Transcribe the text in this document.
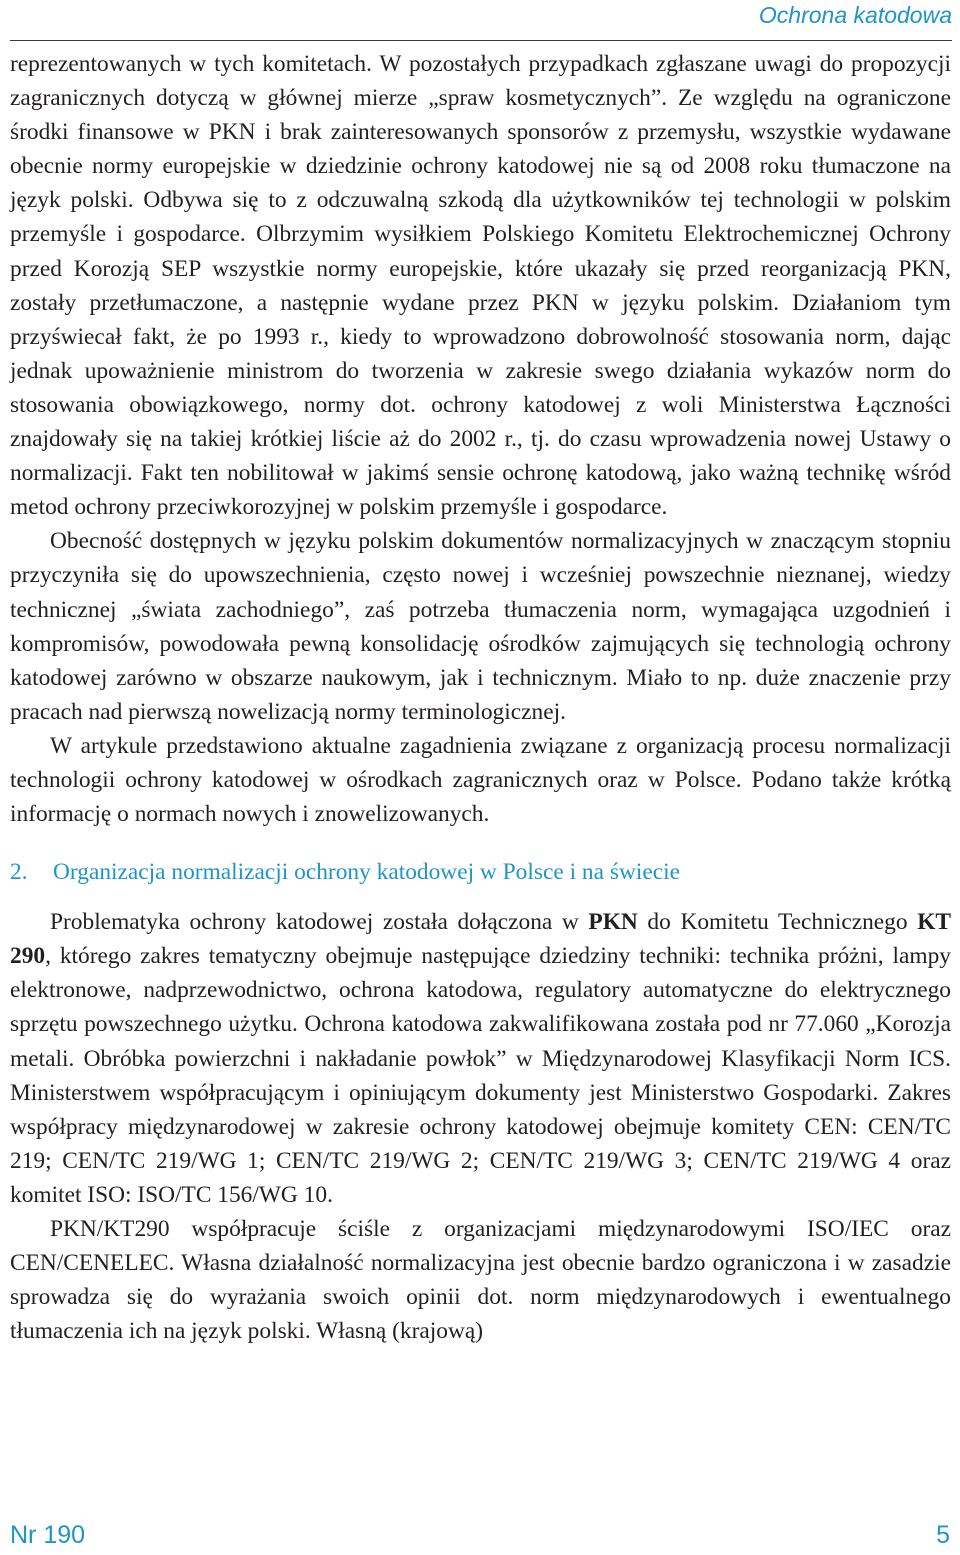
Ochrona katodowa

reprezentowanych w tych komitetach. W pozostałych przypadkach zgłaszane uwagi do propozycji zagranicznych dotyczą w głównej mierze „spraw kosmetycznych”. Ze względu na ograniczone środki finansowe w PKN i brak zainteresowanych sponsorów z przemysłu, wszystkie wydawane obecnie normy europejskie w dziedzinie ochrony katodowej nie są od 2008 roku tłumaczone na język polski. Odbywa się to z odczuwalną szkodą dla użytkowników tej technologii w polskim przemyśle i gospodarce. Olbrzymim wysiłkiem Polskiego Komitetu Elektrochemicznej Ochrony przed Korozją SEP wszystkie normy europejskie, które ukazały się przed reorganizacją PKN, zostały przetłumaczone, a następnie wydane przez PKN w języku polskim. Działaniom tym przyświecał fakt, że po 1993 r., kiedy to wprowadzono dobrowolność stosowania norm, dając jednak upoważnienie ministrom do tworzenia w zakresie swego działania wykazów norm do stosowania obowiązkowego, normy dot. ochrony katodowej z woli Ministerstwa Łączności znajdowały się na takiej krótkiej liście aż do 2002 r., tj. do czasu wprowadzenia nowej Ustawy o normalizacji. Fakt ten nobilitował w jakimś sensie ochronę katodową, jako ważną technikę wśród metod ochrony przeciwkorozyjnej w polskim przemyśle i gospodarce.

Obecność dostępnych w języku polskim dokumentów normalizacyjnych w znaczącym stopniu przyczyniła się do upowszechnienia, często nowej i wcześniej powszechnie nieznanej, wiedzy technicznej „świata zachodniego”, zaś potrzeba tłumaczenia norm, wymagająca uzgodnień i kompromisów, powodowała pewną konsolidację ośrodków zajmujących się technologią ochrony katodowej zarówno w obszarze naukowym, jak i technicznym. Miało to np. duże znaczenie przy pracach nad pierwszą nowelizacją normy terminologicznej.

W artykule przedstawiono aktualne zagadnienia związane z organizacją procesu normalizacji technologii ochrony katodowej w ośrodkach zagranicznych oraz w Polsce. Podano także krótką informację o normach nowych i znowelizowanych.

2. Organizacja normalizacji ochrony katodowej w Polsce i na świecie

Problematyka ochrony katodowej została dołączona w PKN do Komitetu Technicznego KT 290, którego zakres tematyczny obejmuje następujące dziedziny techniki: technika próżni, lampy elektronowe, nadprzewodnictwo, ochrona katodowa, regulatory automatyczne do elektrycznego sprzętu powszechnego użytku. Ochrona katodowa zakwalifikowana została pod nr 77.060 „Korozja metali. Obróbka powierzchni i nakładanie powłok” w Międzynarodowej Klasyfikacji Norm ICS. Ministerstwem współpracującym i opiniującym dokumenty jest Ministerstwo Gospodarki. Zakres współpracy międzynarodowej w zakresie ochrony katodowej obejmuje komitety CEN: CEN/TC 219; CEN/TC 219/WG 1; CEN/TC 219/WG 2; CEN/TC 219/WG 3; CEN/TC 219/WG 4 oraz komitet ISO: ISO/TC 156/WG 10.

PKN/KT290 współpracuje ściśle z organizacjami międzynarodowymi ISO/IEC oraz CEN/CENELEC. Własna działalność normalizacyjna jest obecnie bardzo ograniczona i w zasadzie sprowadza się do wyrażania swoich opinii dot. norm międzynarodowych i ewentualnego tłumaczenia ich na język polski. Własną (krajową)

Nr 190	5
